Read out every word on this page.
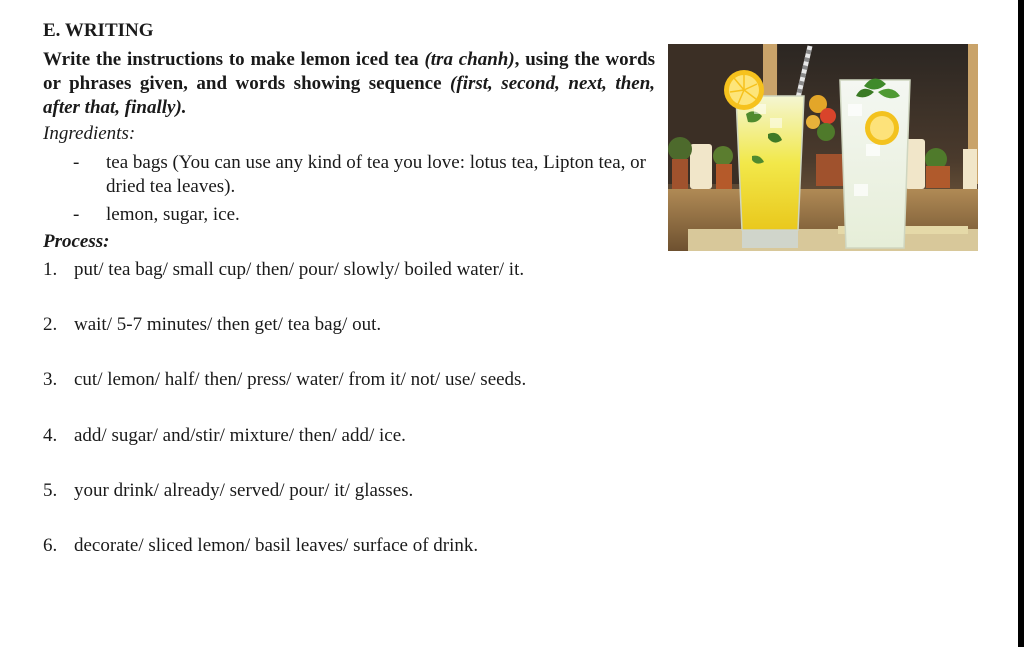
E. WRITING

Write the instructions to make lemon iced tea (tra chanh), using the words or phrases given, and words showing sequence (first, second, next, then, after that, finally).

Ingredients:

- tea bags (You can use any kind of tea you love: lotus tea, Lipton tea, or dried tea leaves).
- lemon, sugar, ice.

Process:

1. put/ tea bag/ small cup/ then/ pour/ slowly/ boiled water/ it.
2. wait/ 5-7 minutes/ then get/ tea bag/ out.
3. cut/ lemon/ half/ then/ press/ water/ from it/ not/ use/ seeds.
4. add/ sugar/ and/stir/ mixture/ then/ add/ ice.
5. your drink/ already/ served/ pour/ it/ glasses.
6. decorate/ sliced lemon/ basil leaves/ surface of drink.
